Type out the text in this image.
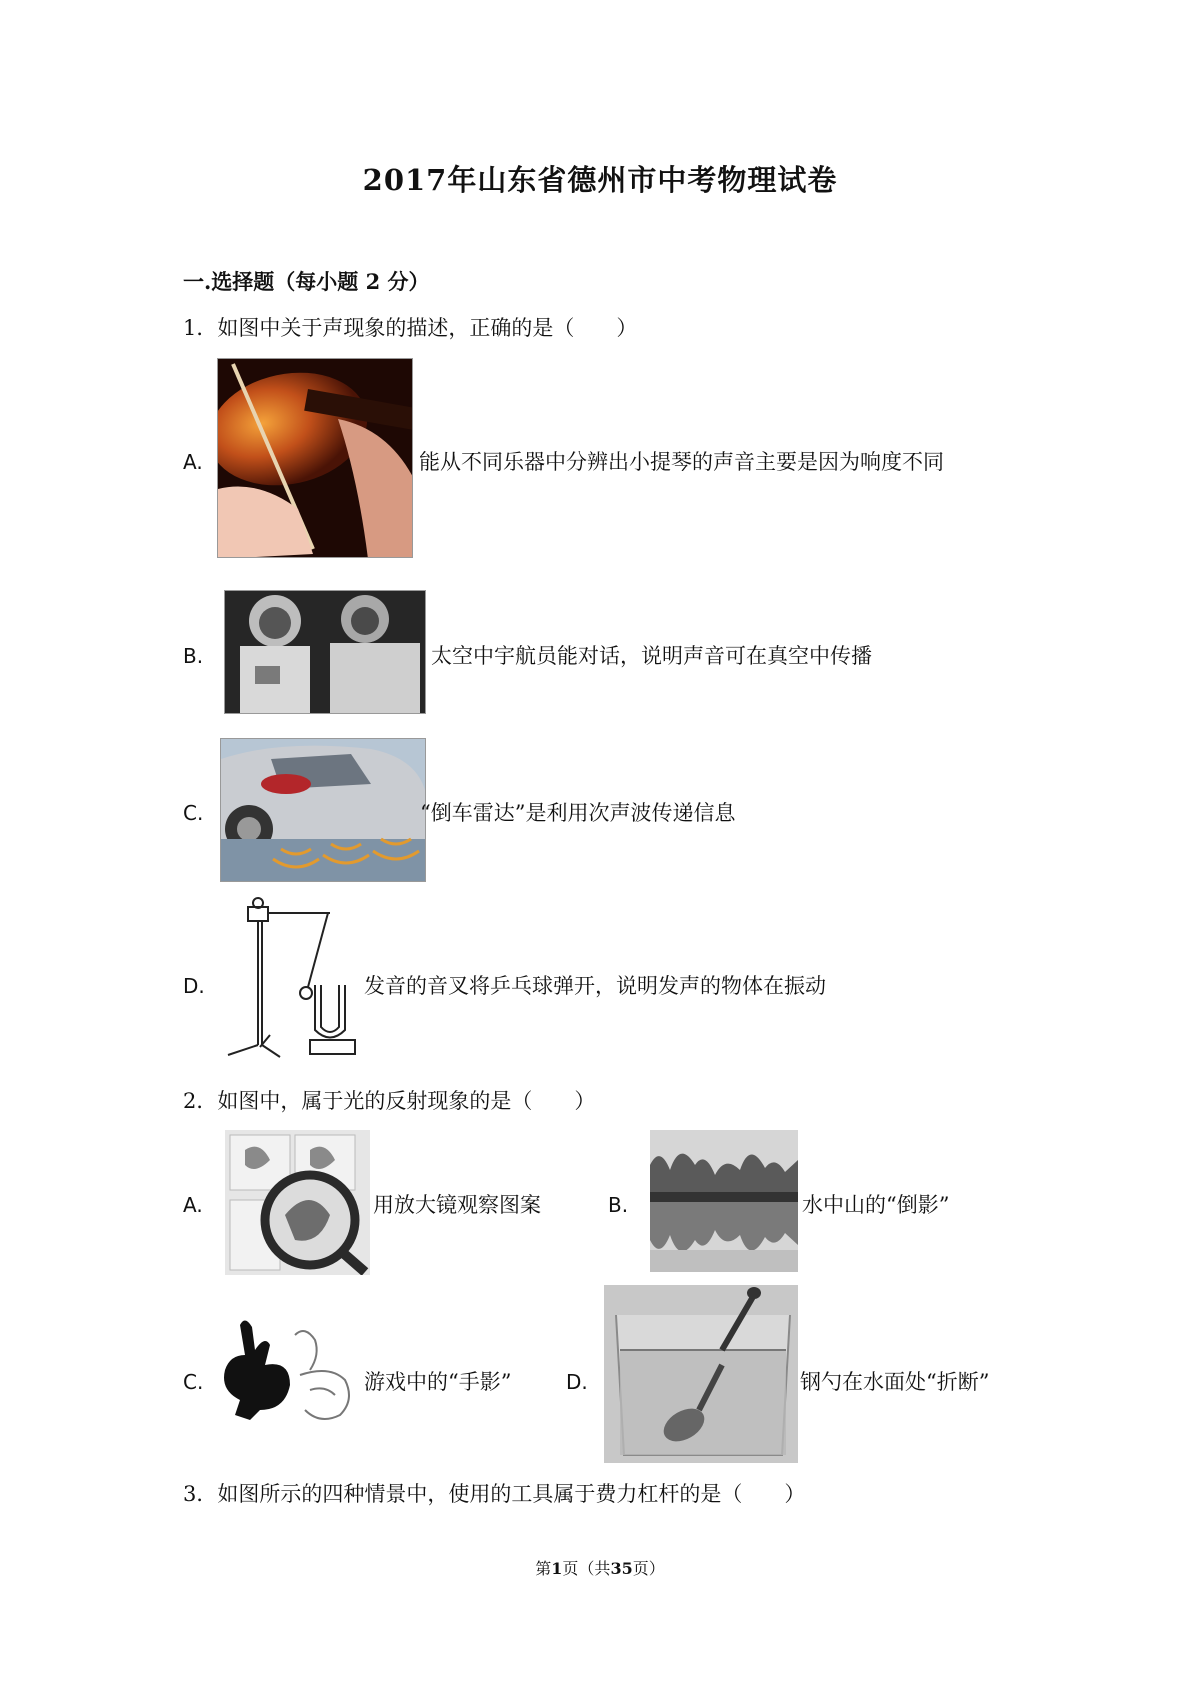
2017年山东省德州市中考物理试卷
一.选择题（每小题 2 分）
1．如图中关于声现象的描述，正确的是（　　）
A.	能从不同乐器中分辨出小提琴的声音主要是因为响度不同
B.	太空中宇航员能对话，说明声音可在真空中传播
C.	“倒车雷达”是利用次声波传递信息
D.	发音的音叉将乒乓球弹开，说明发声的物体在振动
2．如图中，属于光的反射现象的是（　　）
A.	用放大镜观察图案	B.	水中山的“倒影”
C.	游戏中的“手影”	D.	钢勺在水面处“折断”
3．如图所示的四种情景中，使用的工具属于费力杠杆的是（　　）
第1页（共35页）
